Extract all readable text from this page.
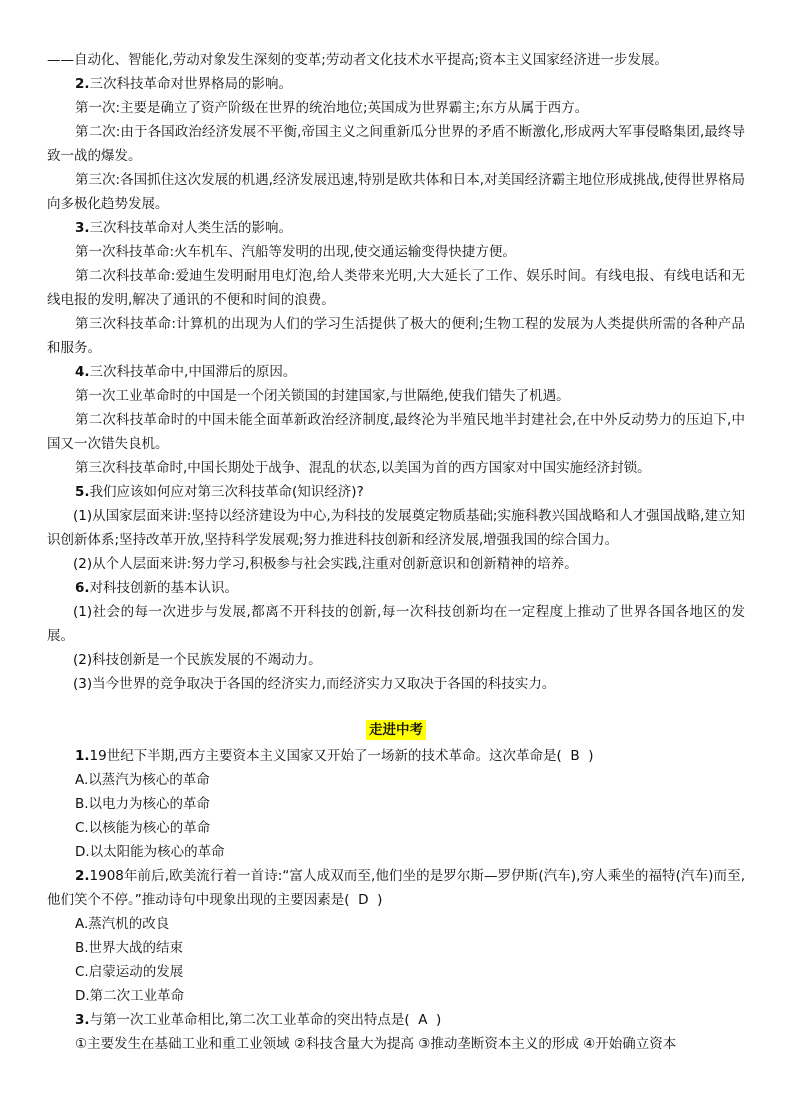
——自动化、智能化,劳动对象发生深刻的变革;劳动者文化技术水平提高;资本主义国家经济进一步发展。

2.三次科技革命对世界格局的影响。

第一次:主要是确立了资产阶级在世界的统治地位;英国成为世界霸主;东方从属于西方。

第二次:由于各国政治经济发展不平衡,帝国主义之间重新瓜分世界的矛盾不断激化,形成两大军事侵略集团,最终导致一战的爆发。

第三次:各国抓住这次发展的机遇,经济发展迅速,特别是欧共体和日本,对美国经济霸主地位形成挑战,使得世界格局向多极化趋势发展。

3.三次科技革命对人类生活的影响。

第一次科技革命:火车机车、汽船等发明的出现,使交通运输变得快捷方便。

第二次科技革命:爱迪生发明耐用电灯泡,给人类带来光明,大大延长了工作、娱乐时间。有线电报、有线电话和无线电报的发明,解决了通讯的不便和时间的浪费。

第三次科技革命:计算机的出现为人们的学习生活提供了极大的便利;生物工程的发展为人类提供所需的各种产品和服务。

4.三次科技革命中,中国滞后的原因。

第一次工业革命时的中国是一个闭关锁国的封建国家,与世隔绝,使我们错失了机遇。

第二次科技革命时的中国未能全面革新政治经济制度,最终沦为半殖民地半封建社会,在中外反动势力的压迫下,中国又一次错失良机。

第三次科技革命时,中国长期处于战争、混乱的状态,以美国为首的西方国家对中国实施经济封锁。

5.我们应该如何应对第三次科技革命(知识经济)?

(1)从国家层面来讲:坚持以经济建设为中心,为科技的发展奠定物质基础;实施科教兴国战略和人才强国战略,建立知识创新体系;坚持改革开放,坚持科学发展观;努力推进科技创新和经济发展,增强我国的综合国力。

(2)从个人层面来讲:努力学习,积极参与社会实践,注重对创新意识和创新精神的培养。

6.对科技创新的基本认识。

(1)社会的每一次进步与发展,都离不开科技的创新,每一次科技创新均在一定程度上推动了世界各国各地区的发展。

(2)科技创新是一个民族发展的不竭动力。

(3)当今世界的竞争取决于各国的经济实力,而经济实力又取决于各国的科技实力。

走进中考

1.19世纪下半期,西方主要资本主义国家又开始了一场新的技术革命。这次革命是( B )

A.以蒸汽为核心的革命

B.以电力为核心的革命

C.以核能为核心的革命

D.以太阳能为核心的革命

2.1908年前后,欧美流行着一首诗:“富人成双而至,他们坐的是罗尔斯—罗伊斯(汽车),穷人乘坐的福特(汽车)而至,他们笑个不停。”推动诗句中现象出现的主要因素是( D )

A.蒸汽机的改良

B.世界大战的结束

C.启蒙运动的发展

D.第二次工业革命

3.与第一次工业革命相比,第二次工业革命的突出特点是( A )

①主要发生在基础工业和重工业领域 ②科技含量大为提高 ③推动垄断资本主义的形成 ④开始确立资本
